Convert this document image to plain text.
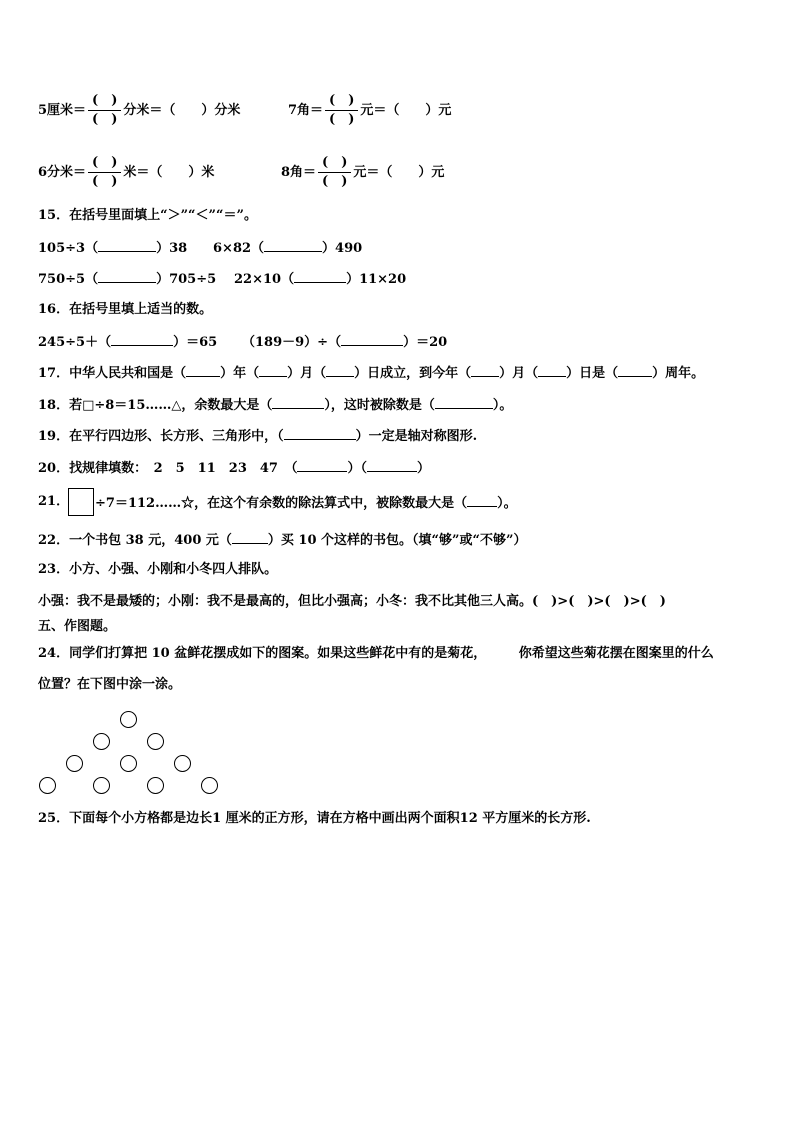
5厘米＝ $\frac{( )}{( )}$ 分米＝（　　）分米	7角＝ $\frac{( )}{( )}$ 元＝（　　）元
6分米＝ $\frac{( )}{( )}$ 米＝（　　）米	8角＝ $\frac{( )}{( )}$ 元＝（　　）元
15．在括号里面填上“＞”“＜”“＝”。
105÷3（	）38 6×82（	）490
750÷5（	）705÷5 22×10（	）11×20
16．在括号里填上适当的数。
245÷5＋（	）＝65 （189－9）÷（	）＝20
17．中华人民共和国是（	）年（ ）月（ ）日成立，到今年（ ）月（ ）日是（	）周年。
18．若□÷8＝15……△，余数最大是（	），这时被除数是（	）。
19．在平行四边形、长方形、三角形中，（	）一定是轴对称图形.
20．找规律填数：　2　5　11　23　47　（	）（	）
21． ÷7＝112……☆，在这个有余数的除法算式中，被除数最大是（ ）。
22．一个书包 38 元，400 元（	）买 10 个这样的书包。（填“够”或“不够”）
23．小方、小强、小刚和小冬四人排队。
小强：我不是最矮的；小刚：我不是最高的，但比小强高；小冬：我不比其他三人高。(　)>(　)>(　)>(　)
五、作图题。
24．同学们打算把 10 盆鲜花摆成如下的图案。如果这些鲜花中有的是菊花，　　　你希望这些菊花摆在图案里的什么
位置？在下图中涂一涂。
25．下面每个小方格都是边长1 厘米的正方形，请在方格中画出两个面积12 平方厘米的长方形.
